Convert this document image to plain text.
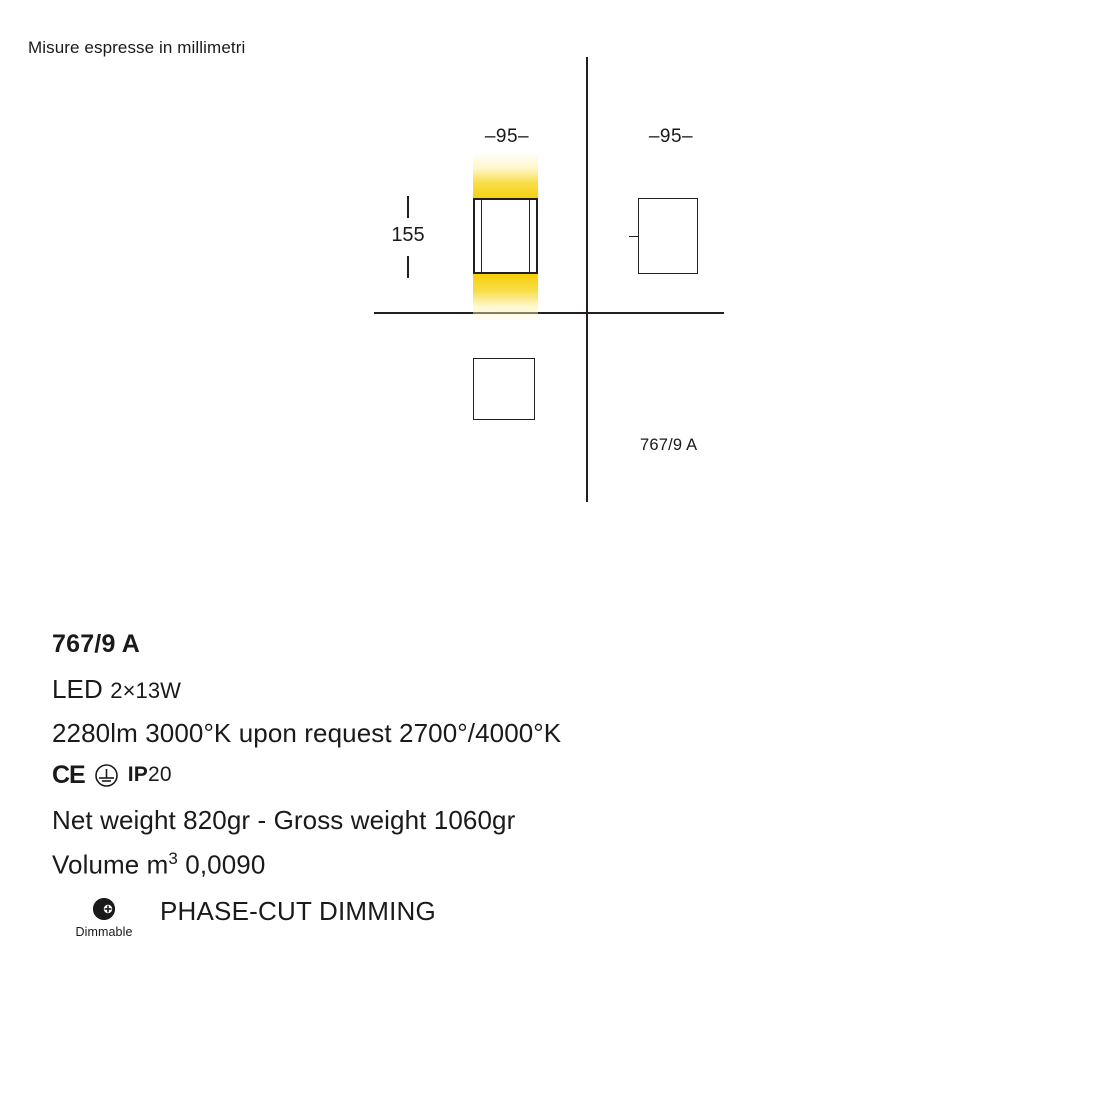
Misure espresse in millimetri
–95–	–95–
155
767/9 A
767/9 A
LED 2×13W
2280lm 3000°K upon request 2700°/4000°K
CE IP20
Net weight 820gr - Gross weight 1060gr
Volume $m^3$ 0,0090
Dimmable
PHASE-CUT DIMMING
